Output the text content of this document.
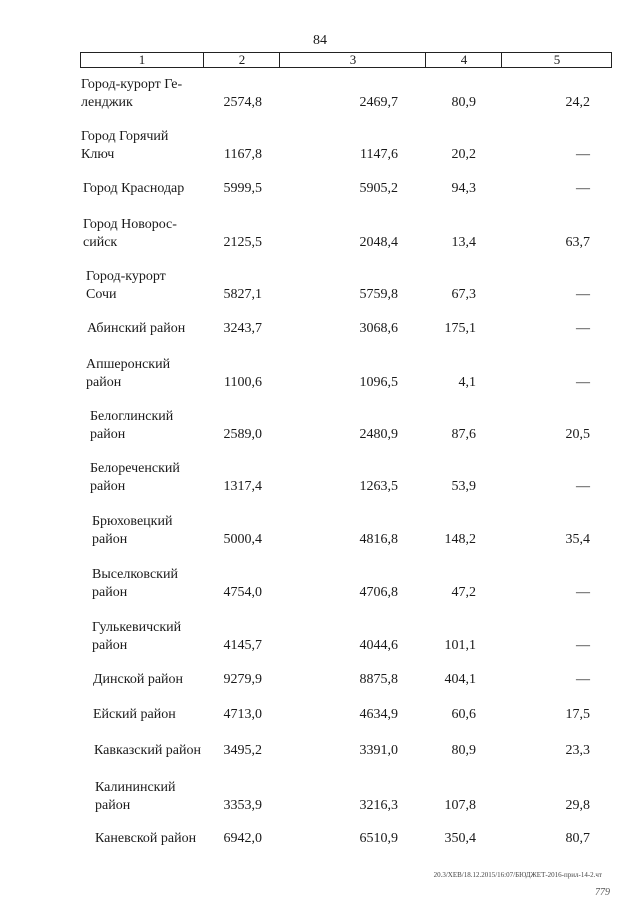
84
1	2	3	4	5
Город-курорт Ге-
ленджик	2574,8	2469,7	80,9	24,2
Город Горячий
Ключ	1167,8	1147,6	20,2	—
Город Краснодар	5999,5	5905,2	94,3	—
Город Новорос-
сийск	2125,5	2048,4	13,4	63,7
Город-курорт
Сочи	5827,1	5759,8	67,3	—
Абинский район	3243,7	3068,6	175,1	—
Апшеронский
район	1100,6	1096,5	4,1	—
Белоглинский
район	2589,0	2480,9	87,6	20,5
Белореченский
район	1317,4	1263,5	53,9	—
Брюховецкий
район	5000,4	4816,8	148,2	35,4
Выселковский
район	4754,0	4706,8	47,2	—
Гулькевичский
район	4145,7	4044,6	101,1	—
Динской район	9279,9	8875,8	404,1	—
Ейский район	4713,0	4634,9	60,6	17,5
Кавказский район	3495,2	3391,0	80,9	23,3
Калининский
район	3353,9	3216,3	107,8	29,8
Каневской район	6942,0	6510,9	350,4	80,7
20.3/ХЕВ/18.12.2015/16:07/БЮДЖЕТ-2016-прил-14-2.чт
779
